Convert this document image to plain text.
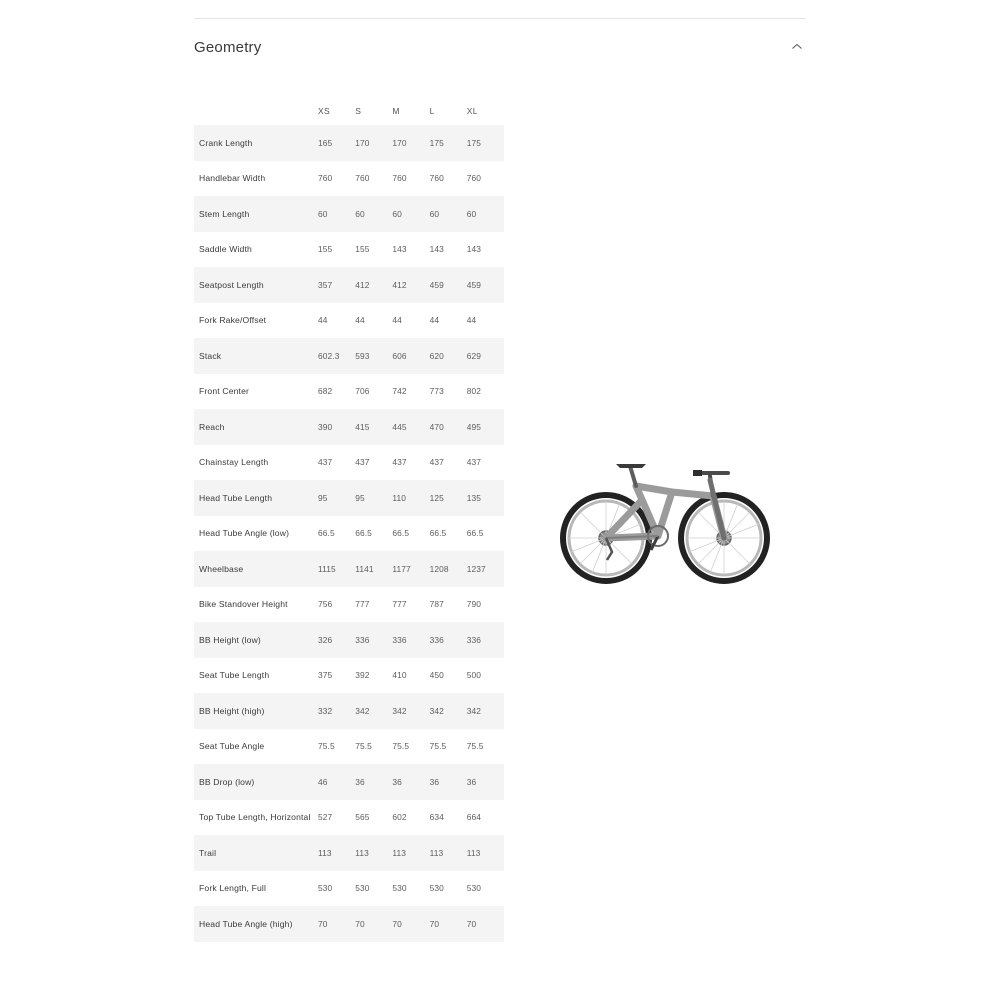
Geometry
	XS	S	M	L	XL
Crank Length	165	170	170	175	175
Handlebar Width	760	760	760	760	760
Stem Length	60	60	60	60	60
Saddle Width	155	155	143	143	143
Seatpost Length	357	412	412	459	459
Fork Rake/Offset	44	44	44	44	44
Stack	602.3	593	606	620	629
Front Center	682	706	742	773	802
Reach	390	415	445	470	495
Chainstay Length	437	437	437	437	437
Head Tube Length	95	95	110	125	135
Head Tube Angle (low)	66.5	66.5	66.5	66.5	66.5
Wheelbase	1115	1141	1177	1208	1237
Bike Standover Height	756	777	777	787	790
BB Height (low)	326	336	336	336	336
Seat Tube Length	375	392	410	450	500
BB Height (high)	332	342	342	342	342
Seat Tube Angle	75.5	75.5	75.5	75.5	75.5
BB Drop (low)	46	36	36	36	36
Top Tube Length, Horizontal	527	565	602	634	664
Trail	113	113	113	113	113
Fork Length, Full	530	530	530	530	530
Head Tube Angle (high)	70	70	70	70	70
